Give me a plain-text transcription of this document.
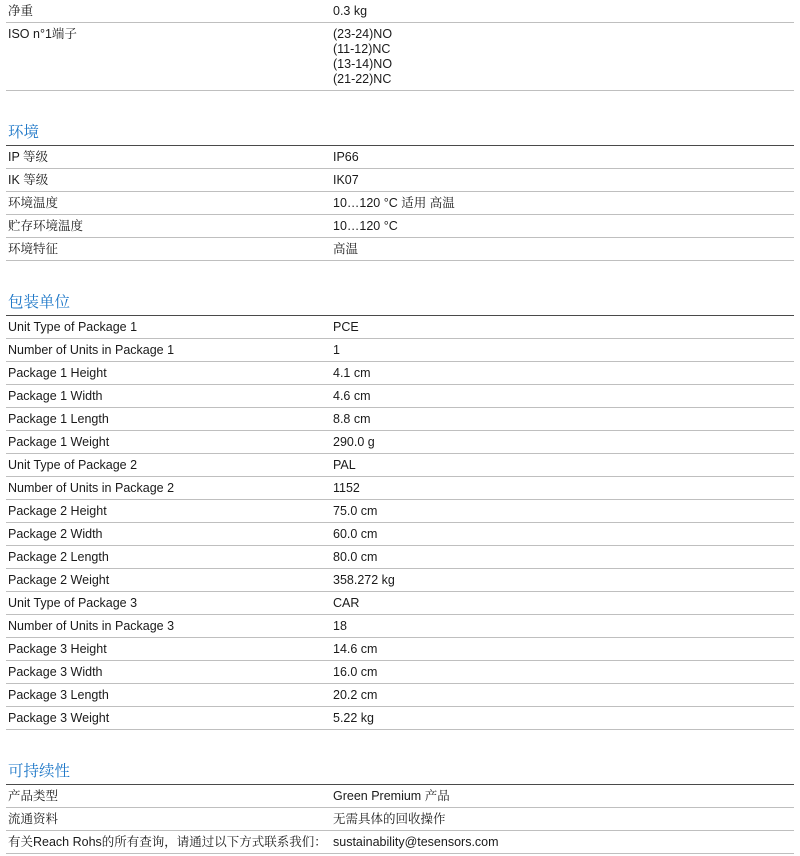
净重	0.3 kg
ISO n°1端子	(23-24)NO
(11-12)NC
(13-14)NO
(21-22)NC
环境
IP 等级	IP66
IK 等级	IK07
环境温度	10…120 °C 适用 高温
贮存环境温度	10…120 °C
环境特征	高温
包装单位
Unit Type of Package 1	PCE
Number of Units in Package 1	1
Package 1 Height	4.1 cm
Package 1 Width	4.6 cm
Package 1 Length	8.8 cm
Package 1 Weight	290.0 g
Unit Type of Package 2	PAL
Number of Units in Package 2	1152
Package 2 Height	75.0 cm
Package 2 Width	60.0 cm
Package 2 Length	80.0 cm
Package 2 Weight	358.272 kg
Unit Type of Package 3	CAR
Number of Units in Package 3	18
Package 3 Height	14.6 cm
Package 3 Width	16.0 cm
Package 3 Length	20.2 cm
Package 3 Weight	5.22 kg
可持续性
产品类型	Green Premium 产品
流通资料	无需具体的回收操作
有关Reach Rohs的所有查询，请通过以下方式联系我们：	sustainability@tesensors.com
